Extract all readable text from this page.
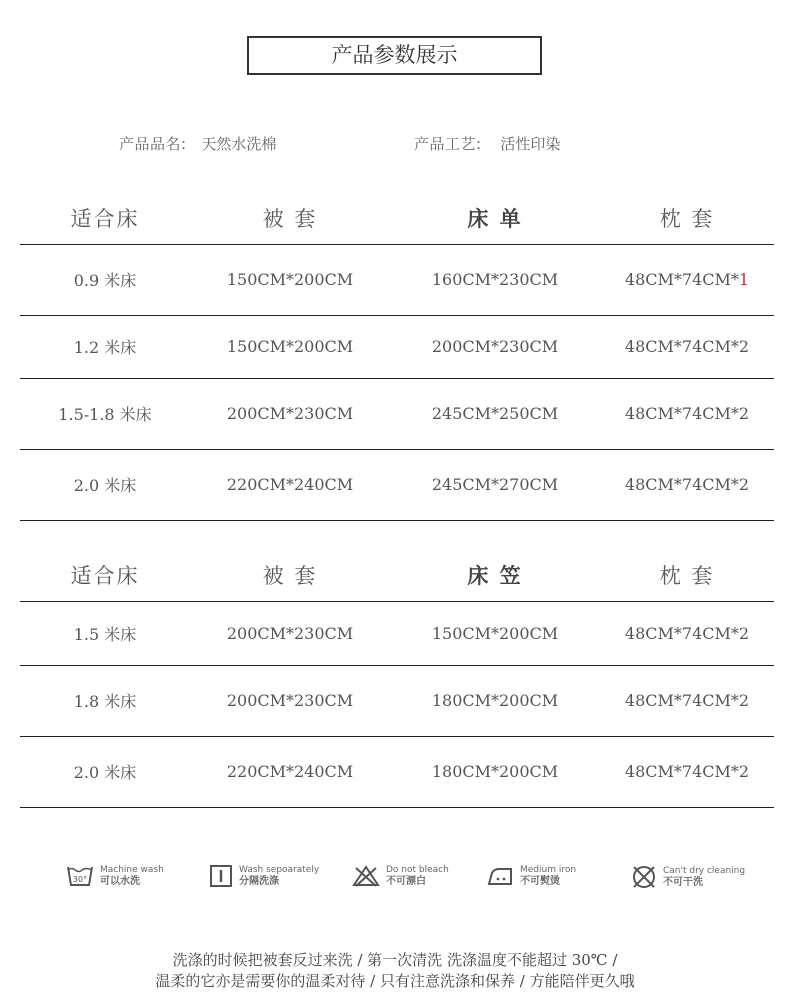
产品参数展示
产品品名: 天然水洗棉	产品工艺: 活性印染
适合床	被 套	床 单	枕 套
0.9 米床	150CM*200CM	160CM*230CM	48CM*74CM*1
1.2 米床	150CM*200CM	200CM*230CM	48CM*74CM*2
1.5-1.8 米床	200CM*230CM	245CM*250CM	48CM*74CM*2
2.0 米床	220CM*240CM	245CM*270CM	48CM*74CM*2
适合床	被 套	床 笠	枕 套
1.5 米床	200CM*230CM	150CM*200CM	48CM*74CM*2
1.8 米床	200CM*230CM	180CM*200CM	48CM*74CM*2
2.0 米床	220CM*240CM	180CM*200CM	48CM*74CM*2
30°
Machine wash
可以水洗
Wash sepoarately
分隔洗涤
Do not bleach
不可漂白
Medium iron
不可熨烫
Can't dry cleaning
不可干洗
洗涤的时候把被套反过来洗 / 第一次清洗 洗涤温度不能超过 30℃ /
温柔的它亦是需要你的温柔对待 / 只有注意洗涤和保养 / 方能陪伴更久哦
